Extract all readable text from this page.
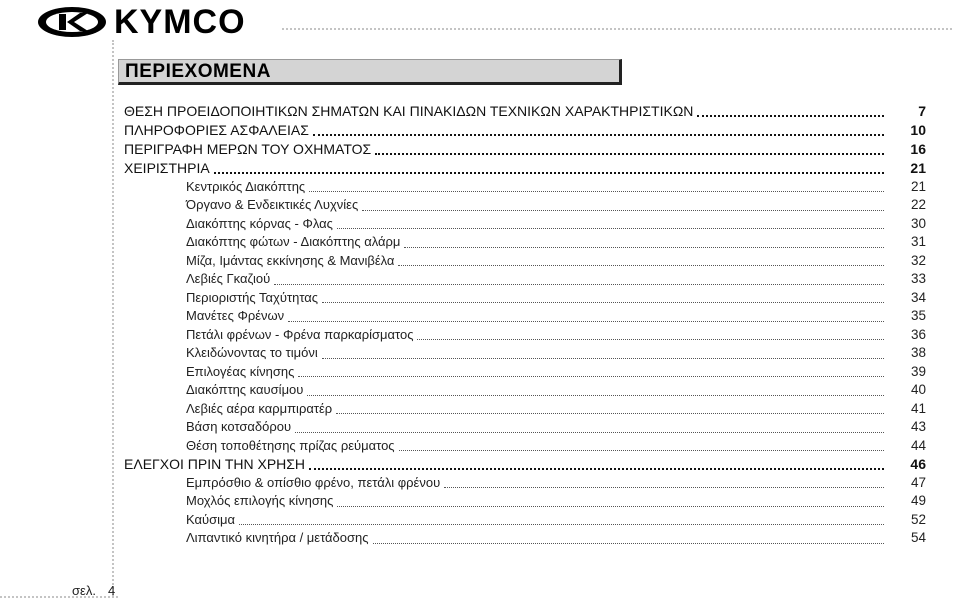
KYMCO
ΠΕΡΙΕΧΟΜΕΝΑ
ΘΕΣΗ ΠΡΟΕΙΔΟΠΟΙΗΤΙΚΩΝ ΣΗΜΑΤΩΝ ΚΑΙ ΠΙΝΑΚΙΔΩΝ ΤΕΧΝΙΚΩΝ ΧΑΡΑΚΤΗΡΙΣΤΙΚΩΝ	7
ΠΛΗΡΟΦΟΡΙΕΣ ΑΣΦΑΛΕΙΑΣ	10
ΠΕΡΙΓΡΑΦΗ ΜΕΡΩΝ ΤΟΥ ΟΧΗΜΑΤΟΣ	16
ΧΕΙΡΙΣΤΗΡΙΑ	21
Κεντρικός Διακόπτης	21
Όργανο & Ενδεικτικές Λυχνίες	22
Διακόπτης κόρνας - Φλας	30
Διακόπτης φώτων - Διακόπτης αλάρμ	31
Μίζα, Ιμάντας εκκίνησης & Μανιβέλα	32
Λεβιές Γκαζιού	33
Περιοριστής Ταχύτητας	34
Μανέτες Φρένων	35
Πετάλι φρένων - Φρένα παρκαρίσματος	36
Κλειδώνοντας το τιμόνι	38
Επιλογέας κίνησης	39
Διακόπτης καυσίμου	40
Λεβιές αέρα καρμπιρατέρ	41
Βάση κοτσαδόρου	43
Θέση τοποθέτησης πρίζας ρεύματος	44
ΕΛΕΓΧΟΙ ΠΡΙΝ ΤΗΝ ΧΡΗΣΗ	46
Εμπρόσθιο & οπίσθιο φρένο, πετάλι φρένου	47
Μοχλός επιλογής κίνησης	49
Καύσιμα	52
Λιπαντικό κινητήρα / μετάδοσης	54
σελ. 4
